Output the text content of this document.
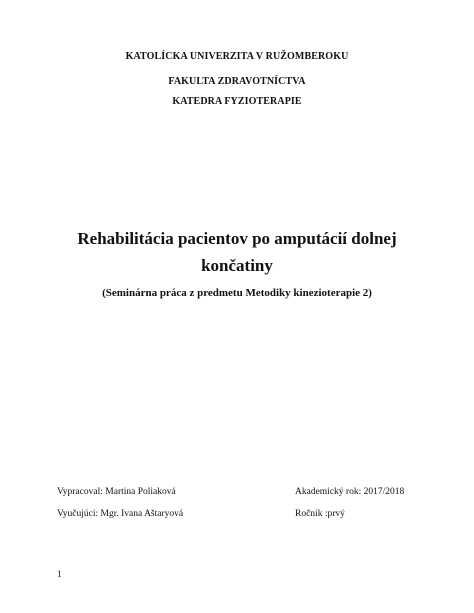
KATOLÍCKA UNIVERZITA V RUŽOMBEROKU
FAKULTA ZDRAVOTNÍCTVA
KATEDRA FYZIOTERAPIE
Rehabilitácia pacientov po amputácií dolnej
končatiny
(Seminárna práca z predmetu Metodiky kinezioterapie 2)
Vypracoval: Martina Poliaková	Akademický rok: 2017/2018
Vyučujúci: Mgr. Ivana Aštaryová	Ročník :prvý
1
